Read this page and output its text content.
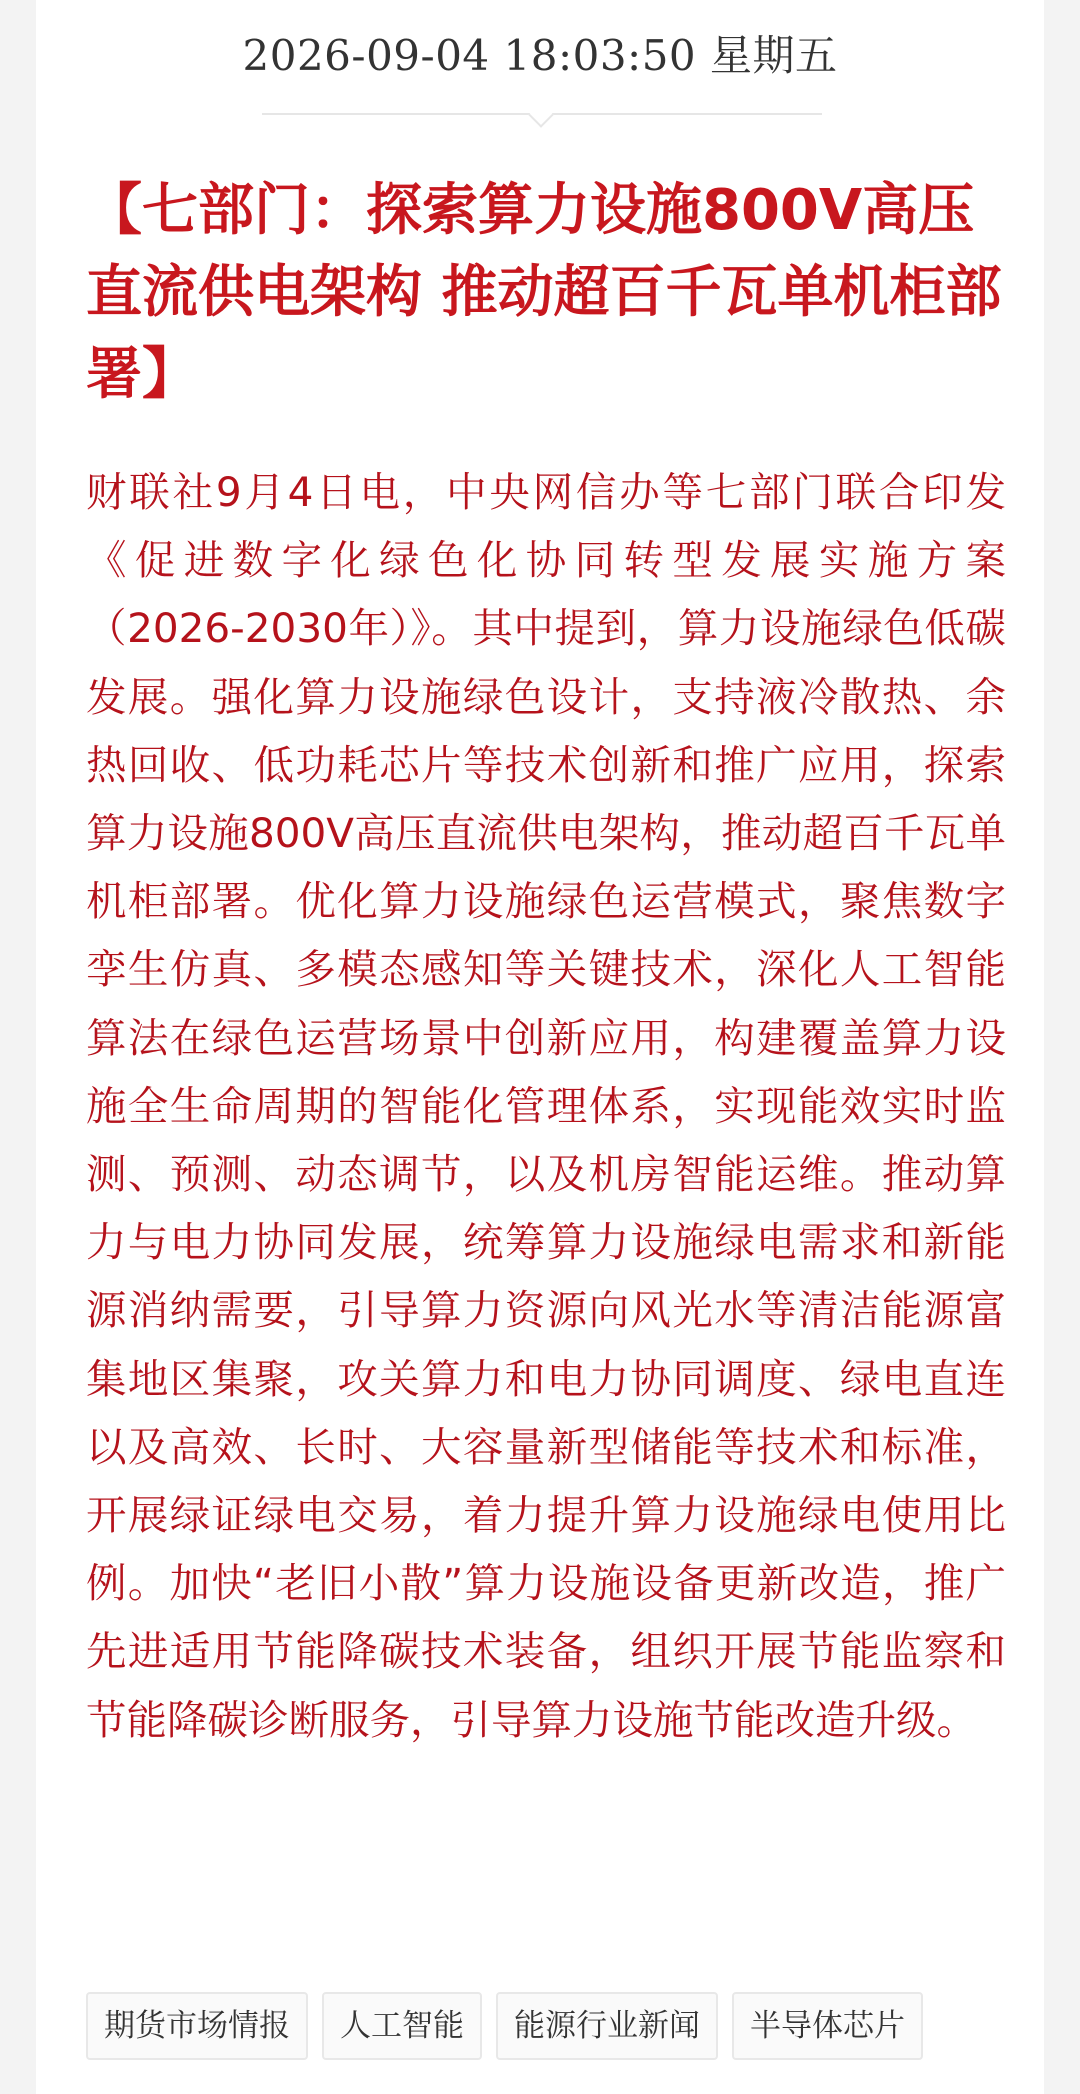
2026-09-04 18:03:50 星期五
【七部门：探索算力设施800V高压直流供电架构 推动超百千瓦单机柜部署】

财联社9月4日电，中央网信办等七部门联合印发《促进数字化绿色化协同转型发展实施方案（2026-2030年）》。其中提到，算力设施绿色低碳发展。强化算力设施绿色设计，支持液冷散热、余热回收、低功耗芯片等技术创新和推广应用，探索算力设施800V高压直流供电架构，推动超百千瓦单机柜部署。优化算力设施绿色运营模式，聚焦数字孪生仿真、多模态感知等关键技术，深化人工智能算法在绿色运营场景中创新应用，构建覆盖算力设施全生命周期的智能化管理体系，实现能效实时监测、预测、动态调节，以及机房智能运维。推动算力与电力协同发展，统筹算力设施绿电需求和新能源消纳需要，引导算力资源向风光水等清洁能源富集地区集聚，攻关算力和电力协同调度、绿电直连以及高效、长时、大容量新型储能等技术和标准，开展绿证绿电交易，着力提升算力设施绿电使用比例。加快“老旧小散”算力设施设备更新改造，推广先进适用节能降碳技术装备，组织开展节能监察和节能降碳诊断服务，引导算力设施节能改造升级。

期货市场情报	人工智能	能源行业新闻	半导体芯片
